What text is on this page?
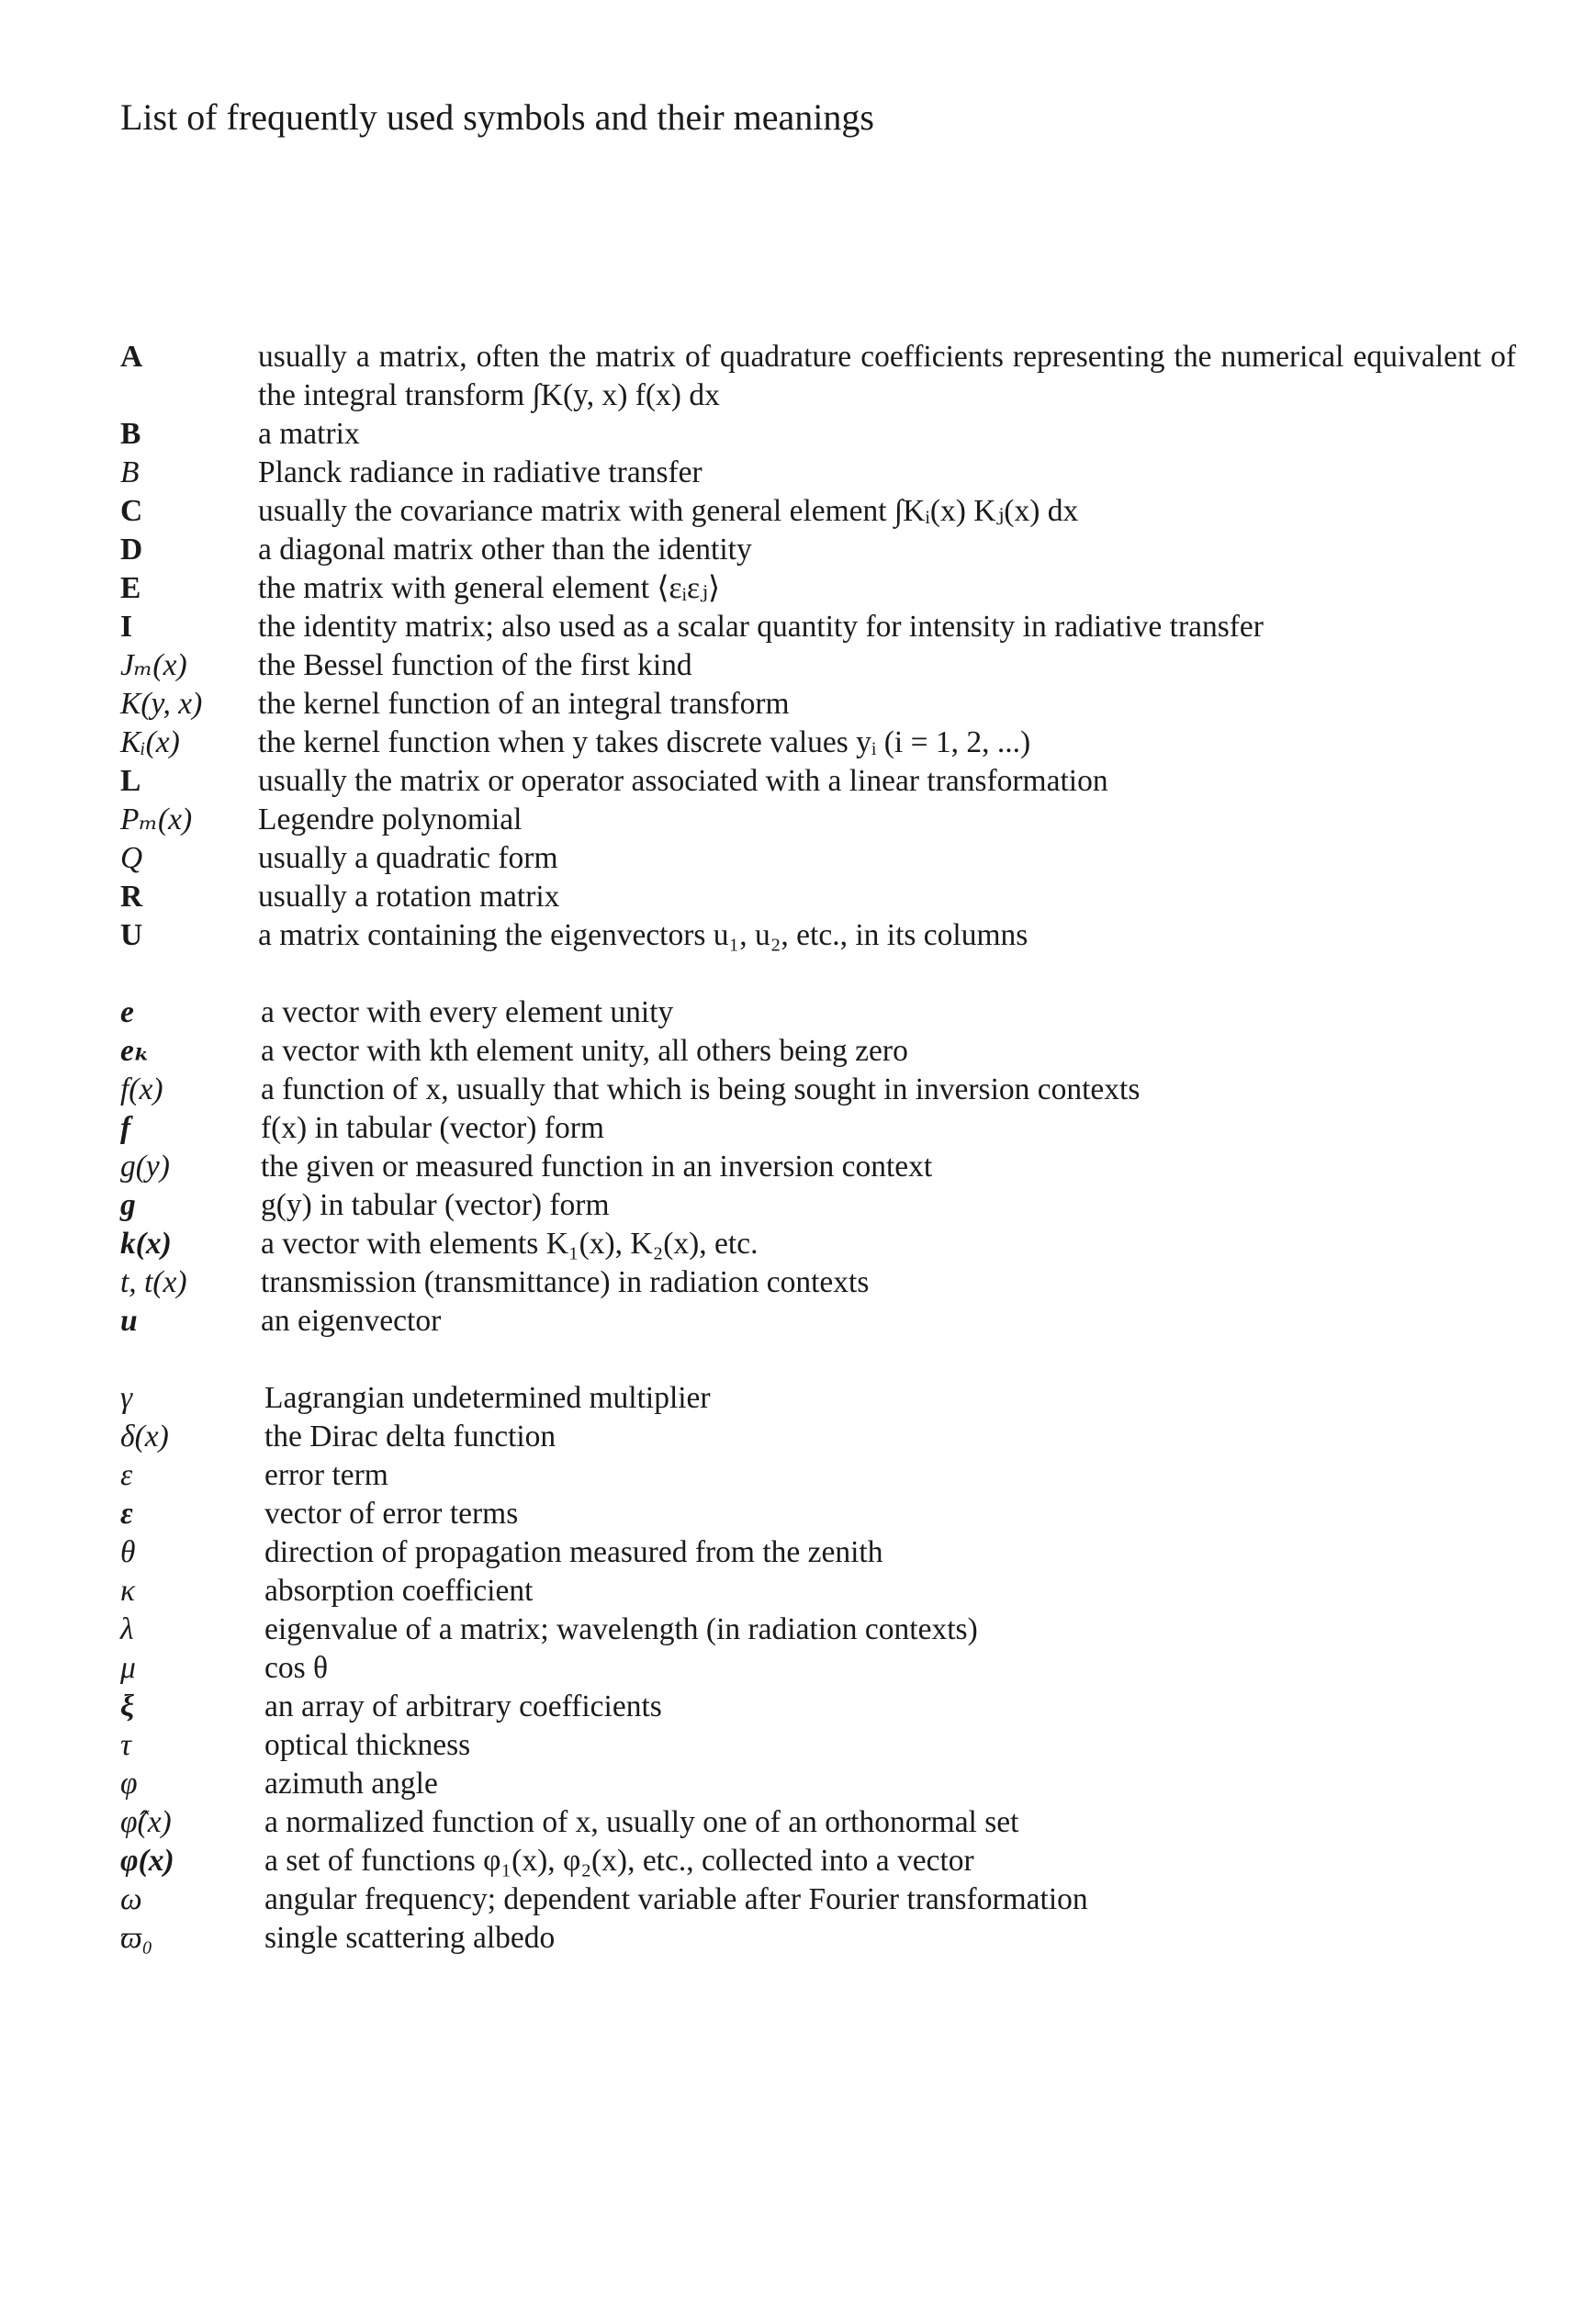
List of frequently used symbols and their meanings
A	usually a matrix, often the matrix of quadrature coefficients representing the numerical equivalent of the integral transform ∫K(y, x) f(x) dx
B	a matrix
B	Planck radiance in radiative transfer
C	usually the covariance matrix with general element ∫Kᵢ(x) Kⱼ(x) dx
D	a diagonal matrix other than the identity
E	the matrix with general element ⟨εᵢεⱼ⟩
I	the identity matrix; also used as a scalar quantity for intensity in radiative transfer
Jₘ(x)	the Bessel function of the first kind
K(y, x)	the kernel function of an integral transform
Kᵢ(x)	the kernel function when y takes discrete values yᵢ (i = 1, 2, ...)
L	usually the matrix or operator associated with a linear transformation
Pₘ(x)	Legendre polynomial
Q	usually a quadratic form
R	usually a rotation matrix
U	a matrix containing the eigenvectors u₁, u₂, etc., in its columns
e	a vector with every element unity
eₖ	a vector with kth element unity, all others being zero
f(x)	a function of x, usually that which is being sought in inversion contexts
f	f(x) in tabular (vector) form
g(y)	the given or measured function in an inversion context
g	g(y) in tabular (vector) form
k(x)	a vector with elements K₁(x), K₂(x), etc.
t, t(x)	transmission (transmittance) in radiation contexts
u	an eigenvector
γ	Lagrangian undetermined multiplier
δ(x)	the Dirac delta function
ε	error term
ε	vector of error terms
θ	direction of propagation measured from the zenith
κ	absorption coefficient
λ	eigenvalue of a matrix; wavelength (in radiation contexts)
μ	cos θ
ξ	an array of arbitrary coefficients
τ	optical thickness
φ	azimuth angle
φ̂(x)	a normalized function of x, usually one of an orthonormal set
φ(x)	a set of functions φ₁(x), φ₂(x), etc., collected into a vector
ω	angular frequency; dependent variable after Fourier transformation
ϖ₀	single scattering albedo
